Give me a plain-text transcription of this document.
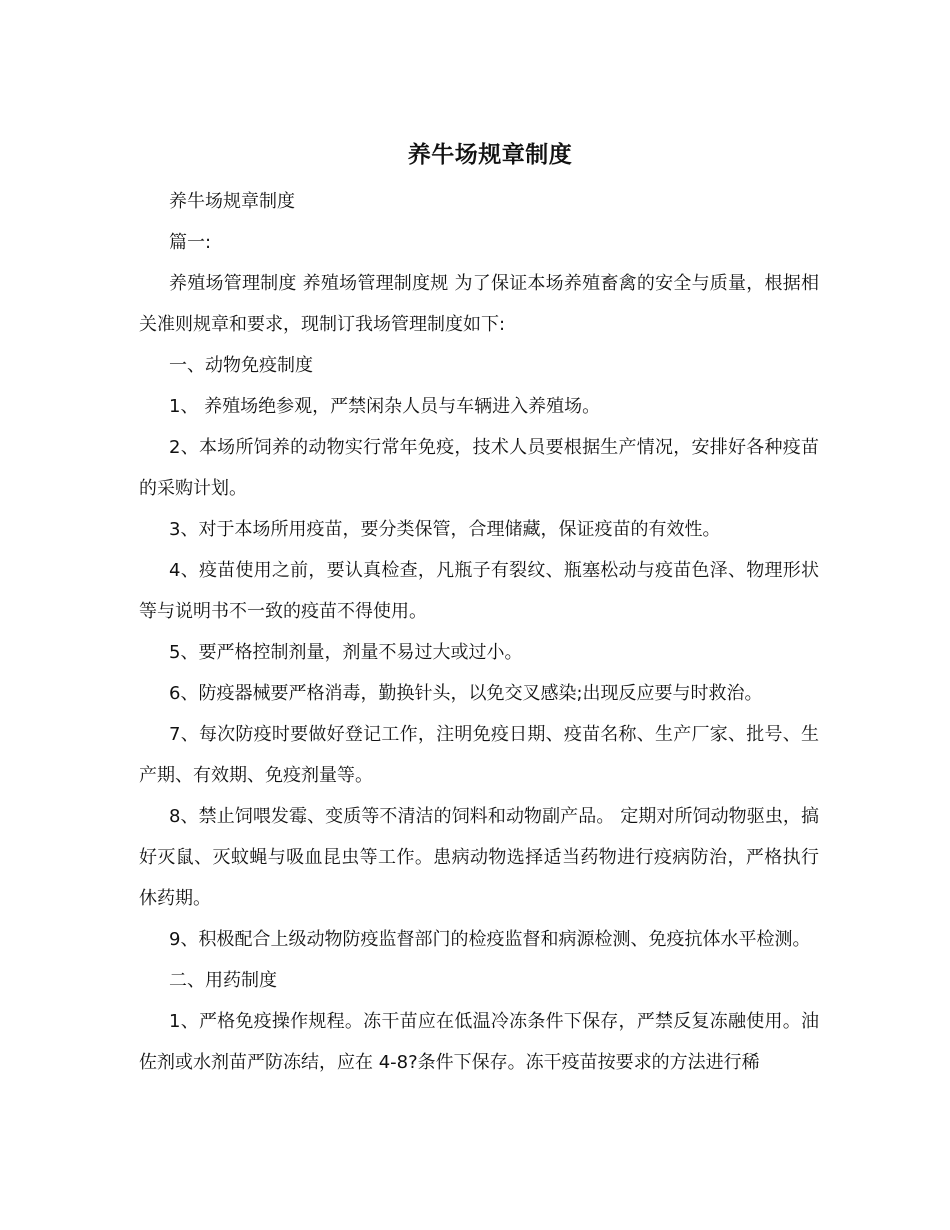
养牛场规章制度

养牛场规章制度

篇一:

养殖场管理制度 养殖场管理制度规 为了保证本场养殖畜禽的安全与质量，根据相关准则规章和要求，现制订我场管理制度如下:

一、动物免疫制度

1、 养殖场绝参观，严禁闲杂人员与车辆进入养殖场。

2、本场所饲养的动物实行常年免疫，技术人员要根据生产情况，安排好各种疫苗的采购计划。

3、对于本场所用疫苗，要分类保管，合理储藏，保证疫苗的有效性。

4、疫苗使用之前，要认真检查，凡瓶子有裂纹、瓶塞松动与疫苗色泽、物理形状等与说明书不一致的疫苗不得使用。

5、要严格控制剂量，剂量不易过大或过小。

6、防疫器械要严格消毒，勤换针头，以免交叉感染;出现反应要与时救治。

7、每次防疫时要做好登记工作，注明免疫日期、疫苗名称、生产厂家、批号、生产期、有效期、免疫剂量等。

8、禁止饲喂发霉、变质等不清洁的饲料和动物副产品。 定期对所饲动物驱虫，搞好灭鼠、灭蚊蝇与吸血昆虫等工作。患病动物选择适当药物进行疫病防治，严格执行休药期。

9、积极配合上级动物防疫监督部门的检疫监督和病源检测、免疫抗体水平检测。

二、用药制度

1、严格免疫操作规程。冻干苗应在低温冷冻条件下保存，严禁反复冻融使用。油佐剂或水剂苗严防冻结，应在 4-8?条件下保存。冻干疫苗按要求的方法进行稀
